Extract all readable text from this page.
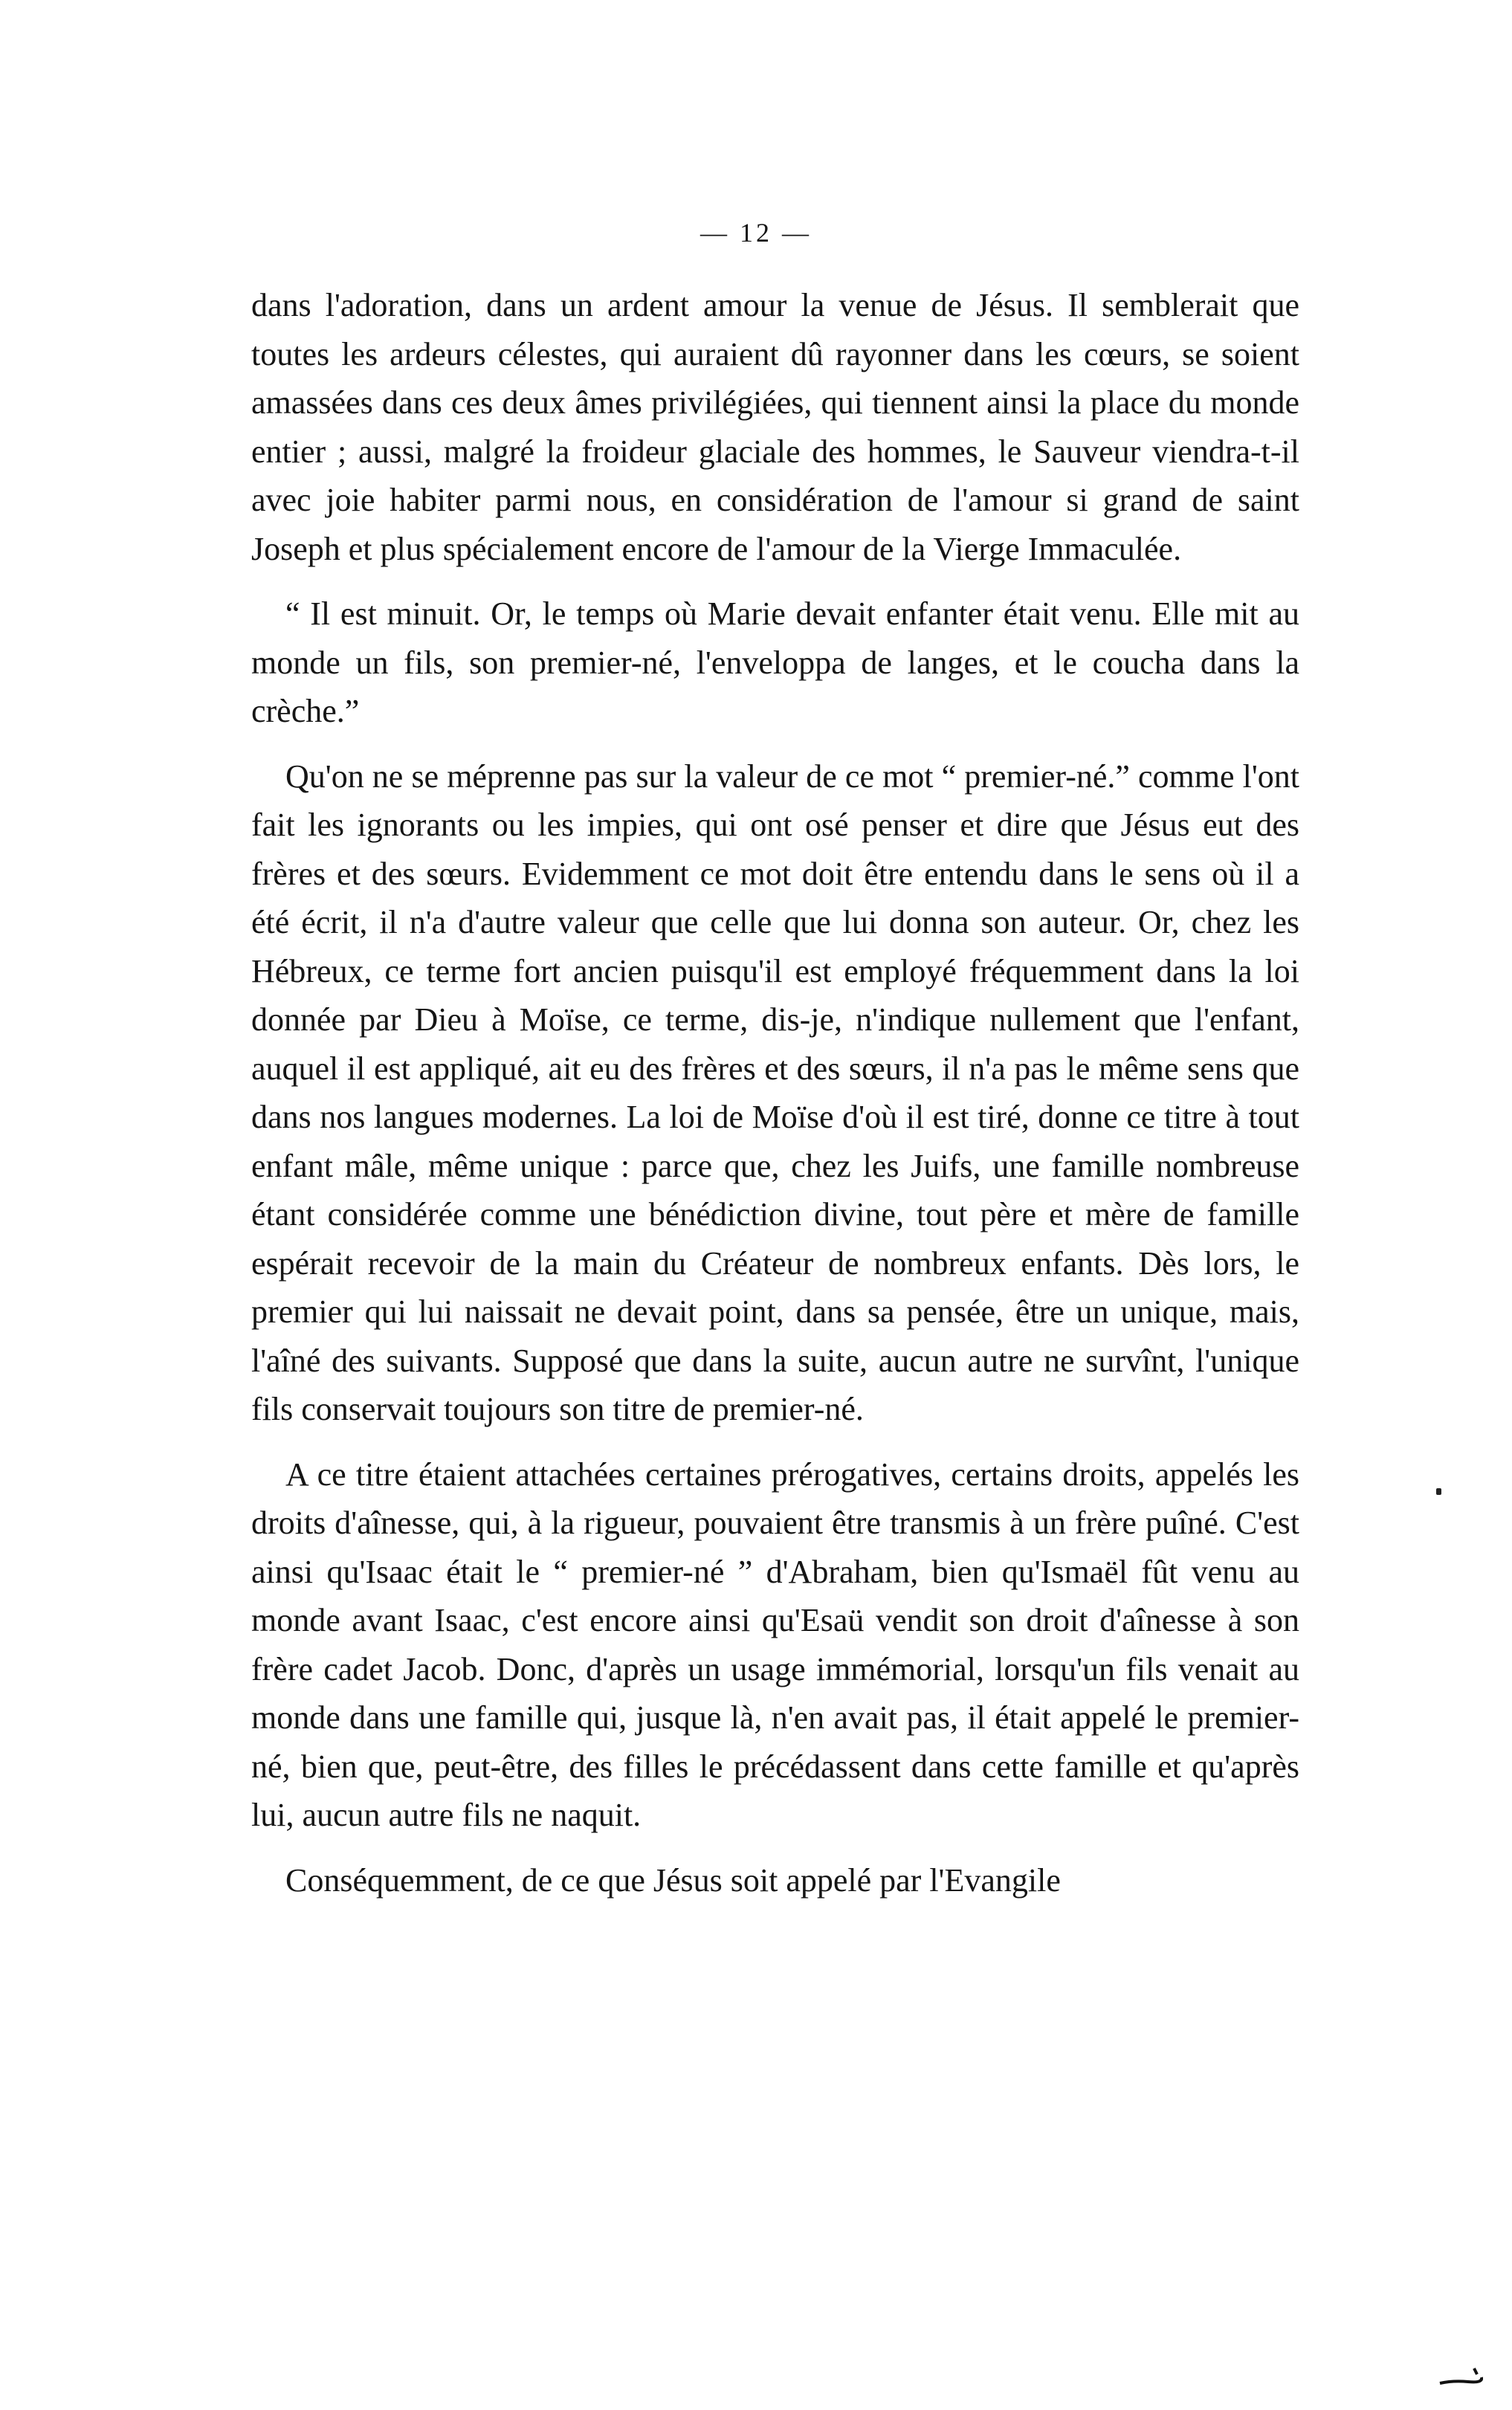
— 12 —

dans l'adoration, dans un ardent amour la venue de Jésus. Il semblerait que toutes les ardeurs célestes, qui auraient dû rayonner dans les cœurs, se soient amassées dans ces deux âmes privilégiées, qui tiennent ainsi la place du monde entier ; aussi, malgré la froideur glaciale des hommes, le Sauveur viendra-t-il avec joie habiter parmi nous, en considération de l'amour si grand de saint Joseph et plus spécialement encore de l'amour de la Vierge Immaculée.

“ Il est minuit. Or, le temps où Marie devait enfanter était venu. Elle mit au monde un fils, son premier-né, l'enveloppa de langes, et le coucha dans la crèche.”

Qu'on ne se méprenne pas sur la valeur de ce mot “ premier-né.” comme l'ont fait les ignorants ou les impies, qui ont osé penser et dire que Jésus eut des frères et des sœurs. Evidemment ce mot doit être entendu dans le sens où il a été écrit, il n'a d'autre valeur que celle que lui donna son auteur. Or, chez les Hébreux, ce terme fort ancien puisqu'il est employé fréquemment dans la loi donnée par Dieu à Moïse, ce terme, dis-je, n'indique nullement que l'enfant, auquel il est appliqué, ait eu des frères et des sœurs, il n'a pas le même sens que dans nos langues modernes. La loi de Moïse d'où il est tiré, donne ce titre à tout enfant mâle, même unique : parce que, chez les Juifs, une famille nombreuse étant considérée comme une bénédiction divine, tout père et mère de famille espérait recevoir de la main du Créateur de nombreux enfants. Dès lors, le premier qui lui naissait ne devait point, dans sa pensée, être un unique, mais, l'aîné des suivants. Supposé que dans la suite, aucun autre ne survînt, l'unique fils conservait toujours son titre de premier-né.

A ce titre étaient attachées certaines prérogatives, certains droits, appelés les droits d'aînesse, qui, à la rigueur, pouvaient être transmis à un frère puîné. C'est ainsi qu'Isaac était le “ premier-né ” d'Abraham, bien qu'Ismaël fût venu au monde avant Isaac, c'est encore ainsi qu'Esaü vendit son droit d'aînesse à son frère cadet Jacob. Donc, d'après un usage immémorial, lorsqu'un fils venait au monde dans une famille qui, jusque là, n'en avait pas, il était appelé le premier-né, bien que, peut-être, des filles le précédassent dans cette famille et qu'après lui, aucun autre fils ne naquit.

Conséquemment, de ce que Jésus soit appelé par l'Evangile
